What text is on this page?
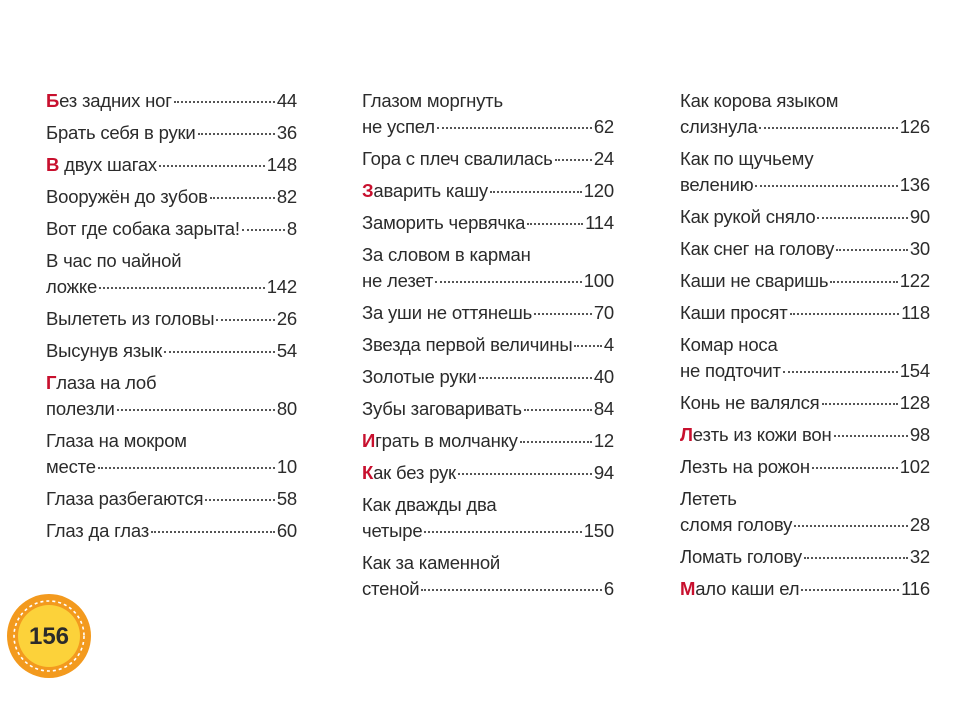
Без задних ног	44
Брать себя в руки	36
В двух шагах	148
Вооружён до зубов	82
Вот где собака зарыта!	8
В час по чайной
ложке	142
Вылететь из головы	26
Высунув язык	54
Глаза на лоб
полезли	80
Глаза на мокром
месте	10
Глаза разбегаются	58
Глаз да глаз	60
Глазом моргнуть
не успел	62
Гора с плеч свалилась 24
Заварить кашу	120
Заморить червячка	114
За словом в карман
не лезет	100
За уши не оттянешь	70
Звезда первой величины 4
Золотые руки	40
Зубы заговаривать	84
Играть в молчанку	12
Как без рук	94
Как дважды два
четыре	150
Как за каменной
стеной	6
Как корова языком
слизнула	126
Как по щучьему
велению	136
Как рукой сняло	90
Как снег на голову	30
Каши не сваришь	122
Каши просят	118
Комар носа
не подточит	154
Конь не валялся	128
Лезть из кожи вон	98
Лезть на рожон	102
Лететь
сломя голову	28
Ломать голову	32
Мало каши ел	116
156
